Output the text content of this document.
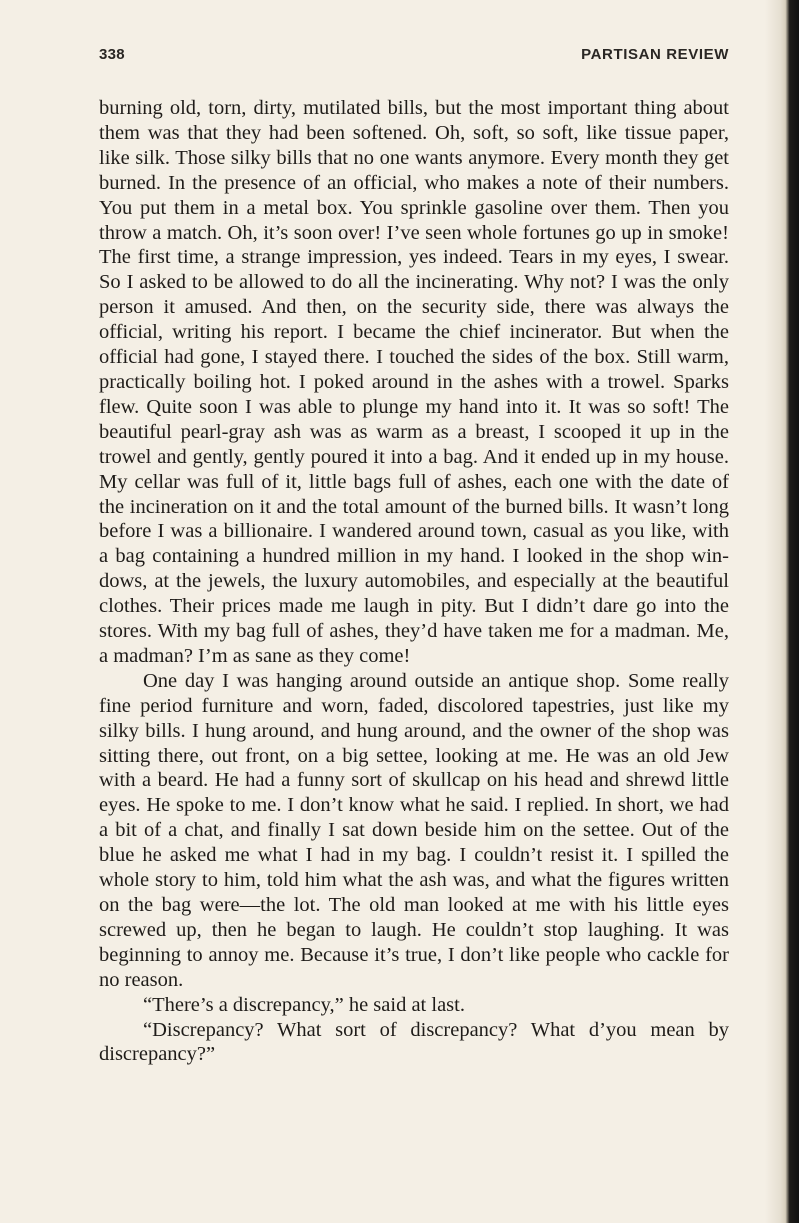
338	PARTISAN REVIEW

burning old, torn, dirty, mutilated bills, but the most important thing about them was that they had been softened. Oh, soft, so soft, like tissue paper, like silk. Those silky bills that no one wants anymore. Every month they get burned. In the presence of an official, who makes a note of their numbers. You put them in a metal box. You sprinkle gasoline over them. Then you throw a match. Oh, it’s soon over! I’ve seen whole fortunes go up in smoke! The first time, a strange impression, yes indeed. Tears in my eyes, I swear. So I asked to be allowed to do all the incinerating. Why not? I was the only person it amused. And then, on the security side, there was always the official, writing his report. I became the chief incinerator. But when the official had gone, I stayed there. I touched the sides of the box. Still warm, practically boiling hot. I poked around in the ashes with a trowel. Sparks flew. Quite soon I was able to plunge my hand into it. It was so soft! The beautiful pearl-gray ash was as warm as a breast, I scooped it up in the trowel and gently, gently poured it into a bag. And it ended up in my house. My cellar was full of it, little bags full of ashes, each one with the date of the incineration on it and the total amount of the burned bills. It wasn’t long before I was a billionaire. I wandered around town, casual as you like, with a bag containing a hundred million in my hand. I looked in the shop windows, at the jewels, the luxury automobiles, and especially at the beautiful clothes. Their prices made me laugh in pity. But I didn’t dare go into the stores. With my bag full of ashes, they’d have taken me for a madman. Me, a madman? I’m as sane as they come!

One day I was hanging around outside an antique shop. Some really fine period furniture and worn, faded, discolored tapestries, just like my silky bills. I hung around, and hung around, and the owner of the shop was sitting there, out front, on a big settee, looking at me. He was an old Jew with a beard. He had a funny sort of skullcap on his head and shrewd little eyes. He spoke to me. I don’t know what he said. I replied. In short, we had a bit of a chat, and finally I sat down beside him on the settee. Out of the blue he asked me what I had in my bag. I couldn’t resist it. I spilled the whole story to him, told him what the ash was, and what the figures written on the bag were—the lot. The old man looked at me with his little eyes screwed up, then he began to laugh. He couldn’t stop laughing. It was beginning to annoy me. Because it’s true, I don’t like people who cackle for no reason.

“There’s a discrepancy,” he said at last.

“Discrepancy? What sort of discrepancy? What d’you mean by discrepancy?”
